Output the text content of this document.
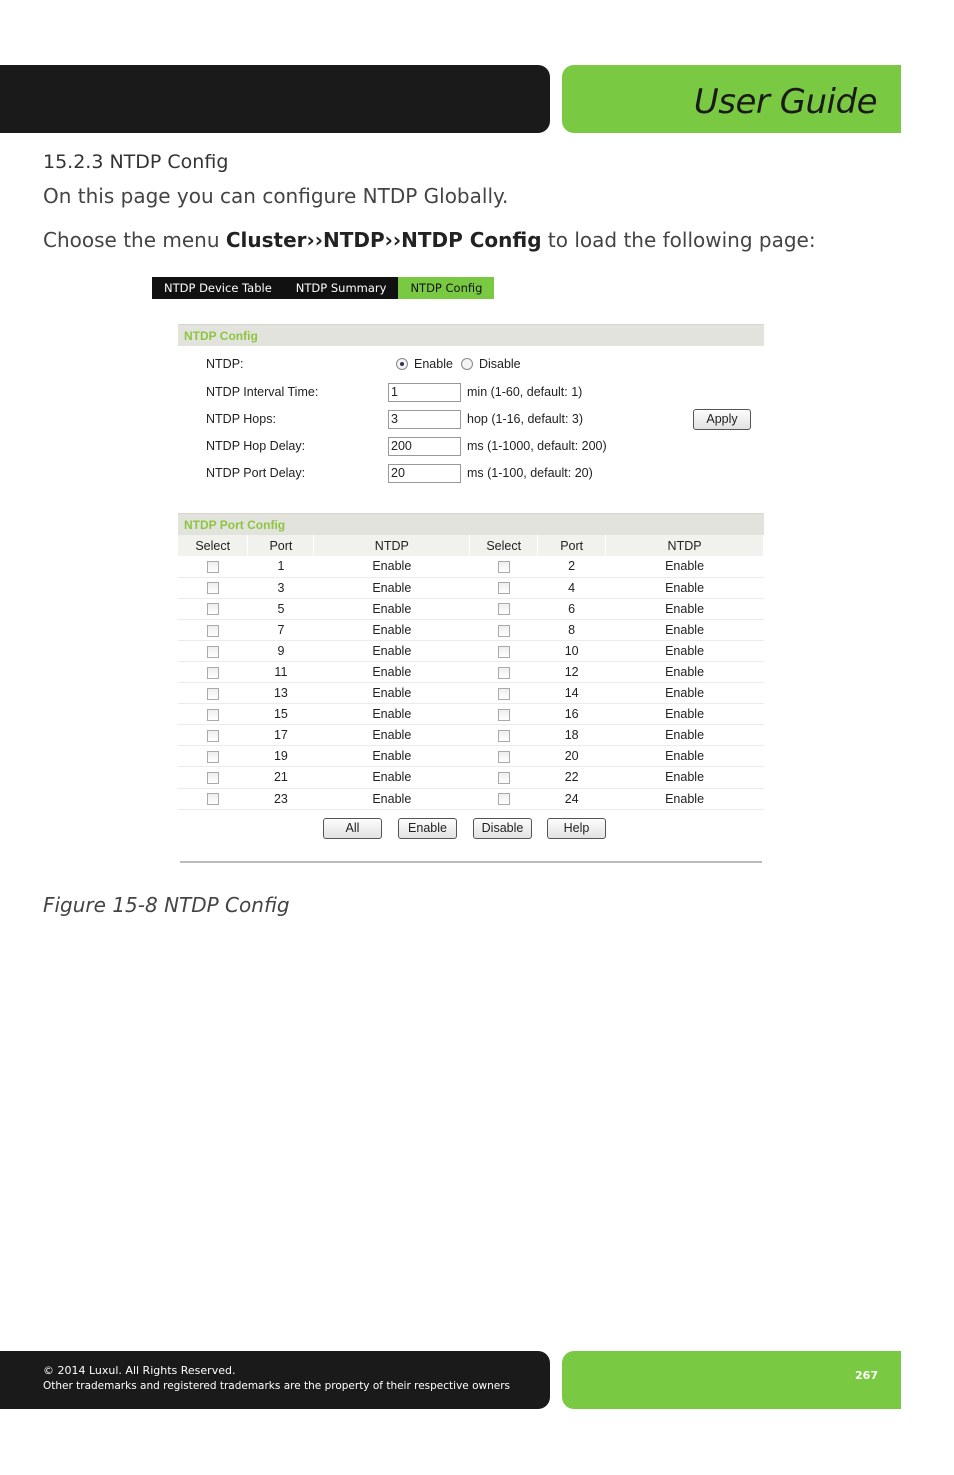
User Guide
15.2.3 NTDP Config
On this page you can configure NTDP Globally.
Choose the menu Cluster››NTDP››NTDP Config to load the following page:
NTDP Device Table	NTDP Summary	NTDP Config
NTDP Config
NTDP:	Enable Disable
NTDP Interval Time:
1	min (1-60, default: 1)
NTDP Hops:
3	hop (1-16, default: 3)
NTDP Hop Delay:
200	ms (1-1000, default: 200)
NTDP Port Delay:
20	ms (1-100, default: 20)
Apply
NTDP Port Config
Select	Port	NTDP	Select	Port	NTDP
	1	Enable		2	Enable
	3	Enable		4	Enable
	5	Enable		6	Enable
	7	Enable		8	Enable
	9	Enable		10	Enable
	11	Enable		12	Enable
	13	Enable		14	Enable
	15	Enable		16	Enable
	17	Enable		18	Enable
	19	Enable		20	Enable
	21	Enable		22	Enable
	23	Enable		24	Enable
All	Enable	Disable	Help
Figure 15-8 NTDP Config
© 2014 Luxul. All Rights Reserved.
Other trademarks and registered trademarks are the property of their respective owners
267
